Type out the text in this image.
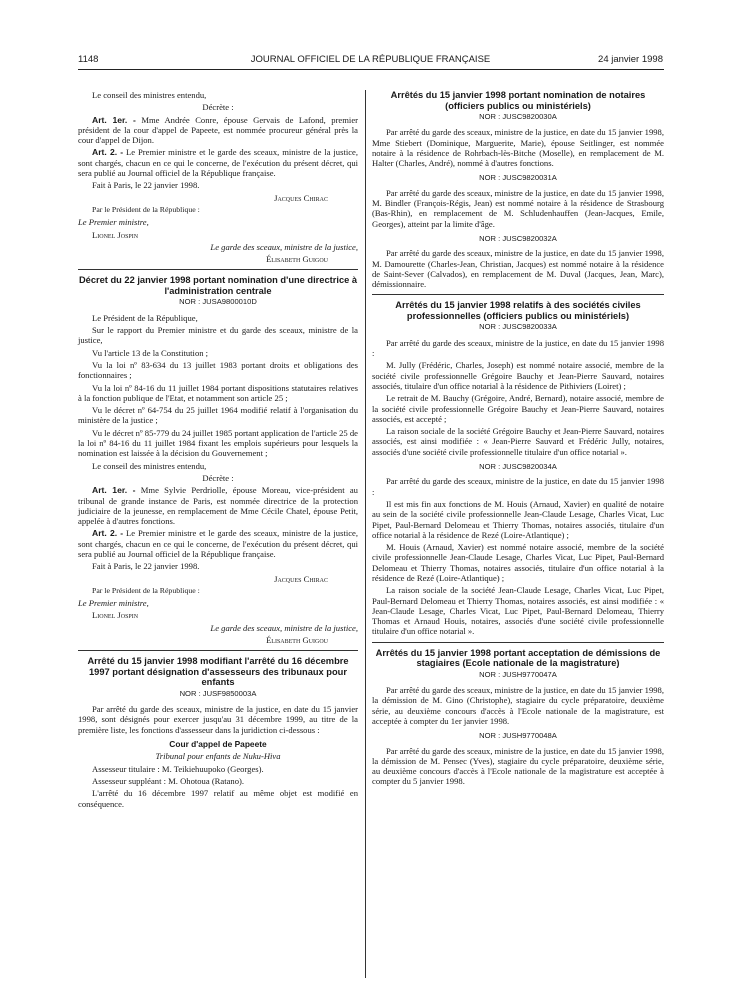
1148	JOURNAL OFFICIEL DE LA RÉPUBLIQUE FRANÇAISE	24 janvier 1998

Le conseil des ministres entendu,

Décrète :

Art. 1er. - Mme Andrée Conre, épouse Gervais de Lafond, premier président de la cour d'appel de Papeete, est nommée procureur général près la cour d'appel de Dijon.

Art. 2. - Le Premier ministre et le garde des sceaux, ministre de la justice, sont chargés, chacun en ce qui le concerne, de l'exécution du présent décret, qui sera publié au Journal officiel de la République française.

Fait à Paris, le 22 janvier 1998.

Jacques Chirac

Par le Président de la République :

Le Premier ministre,

Lionel Jospin

Le garde des sceaux, ministre de la justice,

Élisabeth Guigou

Décret du 22 janvier 1998 portant nomination d'une directrice à l'administration centrale
NOR : JUSA9800010D

Le Président de la République,

Sur le rapport du Premier ministre et du garde des sceaux, ministre de la justice,

Vu l'article 13 de la Constitution ;

Vu la loi nº 83-634 du 13 juillet 1983 portant droits et obligations des fonctionnaires ;

Vu la loi nº 84-16 du 11 juillet 1984 portant dispositions statutaires relatives à la fonction publique de l'Etat, et notamment son article 25 ;

Vu le décret nº 64-754 du 25 juillet 1964 modifié relatif à l'organisation du ministère de la justice ;

Vu le décret nº 85-779 du 24 juillet 1985 portant application de l'article 25 de la loi nº 84-16 du 11 juillet 1984 fixant les emplois supérieurs pour lesquels la nomination est laissée à la décision du Gouvernement ;

Le conseil des ministres entendu,

Décrète :

Art. 1er. - Mme Sylvie Perdriolle, épouse Moreau, vice-président au tribunal de grande instance de Paris, est nommée directrice de la protection judiciaire de la jeunesse, en remplacement de Mme Cécile Chatel, épouse Petit, appelée à d'autres fonctions.

Art. 2. - Le Premier ministre et le garde des sceaux, ministre de la justice, sont chargés, chacun en ce qui le concerne, de l'exécution du présent décret, qui sera publié au Journal officiel de la République française.

Fait à Paris, le 22 janvier 1998.

Jacques Chirac

Par le Président de la République :

Le Premier ministre,

Lionel Jospin

Le garde des sceaux, ministre de la justice,

Élisabeth Guigou

Arrêté du 15 janvier 1998 modifiant l'arrêté du 16 décembre 1997 portant désignation d'assesseurs des tribunaux pour enfants
NOR : JUSF9850003A

Par arrêté du garde des sceaux, ministre de la justice, en date du 15 janvier 1998, sont désignés pour exercer jusqu'au 31 décembre 1999, au titre de la première liste, les fonctions d'assesseur dans la juridiction ci-dessous :

Cour d'appel de Papeete

Tribunal pour enfants de Nuku-Hiva

Assesseur titulaire : M. Teikiehuupoko (Georges).

Assesseur suppléant : M. Ohotoua (Ratano).

L'arrêté du 16 décembre 1997 relatif au même objet est modifié en conséquence.

Arrêtés du 15 janvier 1998 portant nomination de notaires (officiers publics ou ministériels)
NOR : JUSC9820030A

Par arrêté du garde des sceaux, ministre de la justice, en date du 15 janvier 1998, Mme Stiebert (Dominique, Marguerite, Marie), épouse Seitlinger, est nommée notaire à la résidence de Rohrbach-lès-Bitche (Moselle), en remplacement de M. Halter (Charles, André), nommé à d'autres fonctions.

NOR : JUSC9820031A

Par arrêté du garde des sceaux, ministre de la justice, en date du 15 janvier 1998, M. Bindler (François-Régis, Jean) est nommé notaire à la résidence de Strasbourg (Bas-Rhin), en remplacement de M. Schludenhauffen (Jean-Jacques, Emile, Georges), atteint par la limite d'âge.

NOR : JUSC9820032A

Par arrêté du garde des sceaux, ministre de la justice, en date du 15 janvier 1998, M. Damourette (Charles-Jean, Christian, Jacques) est nommé notaire à la résidence de Saint-Sever (Calvados), en remplacement de M. Duval (Jacques, Jean, Marc), démissionnaire.

Arrêtés du 15 janvier 1998 relatifs à des sociétés civiles professionnelles (officiers publics ou ministériels)
NOR : JUSC9820033A

Par arrêté du garde des sceaux, ministre de la justice, en date du 15 janvier 1998 :

M. Jully (Frédéric, Charles, Joseph) est nommé notaire associé, membre de la société civile professionnelle Grégoire Bauchy et Jean-Pierre Sauvard, notaires associés, titulaire d'un office notarial à la résidence de Pithiviers (Loiret) ;

Le retrait de M. Bauchy (Grégoire, André, Bernard), notaire associé, membre de la société civile professionnelle Grégoire Bauchy et Jean-Pierre Sauvard, notaires associés, est accepté ;

La raison sociale de la société Grégoire Bauchy et Jean-Pierre Sauvard, notaires associés, est ainsi modifiée : « Jean-Pierre Sauvard et Frédéric Jully, notaires, associés d'une société civile professionnelle titulaire d'un office notarial ».

NOR : JUSC9820034A

Par arrêté du garde des sceaux, ministre de la justice, en date du 15 janvier 1998 :

Il est mis fin aux fonctions de M. Houis (Arnaud, Xavier) en qualité de notaire au sein de la société civile professionnelle Jean-Claude Lesage, Charles Vicat, Luc Pipet, Paul-Bernard Delomeau et Thierry Thomas, notaires associés, titulaire d'un office notarial à la résidence de Rezé (Loire-Atlantique) ;

M. Houis (Arnaud, Xavier) est nommé notaire associé, membre de la société civile professionnelle Jean-Claude Lesage, Charles Vicat, Luc Pipet, Paul-Bernard Delomeau et Thierry Thomas, notaires associés, titulaire d'un office notarial à la résidence de Rezé (Loire-Atlantique) ;

La raison sociale de la société Jean-Claude Lesage, Charles Vicat, Luc Pipet, Paul-Bernard Delomeau et Thierry Thomas, notaires associés, est ainsi modifiée : « Jean-Claude Lesage, Charles Vicat, Luc Pipet, Paul-Bernard Delomeau, Thierry Thomas et Arnaud Houis, notaires, associés d'une société civile professionnelle titulaire d'un office notarial ».

Arrêtés du 15 janvier 1998 portant acceptation de démissions de stagiaires (Ecole nationale de la magistrature)
NOR : JUSH9770047A

Par arrêté du garde des sceaux, ministre de la justice, en date du 15 janvier 1998, la démission de M. Gino (Christophe), stagiaire du cycle préparatoire, deuxième série, au deuxième concours d'accès à l'Ecole nationale de la magistrature, est acceptée à compter du 1er janvier 1998.

NOR : JUSH9770048A

Par arrêté du garde des sceaux, ministre de la justice, en date du 15 janvier 1998, la démission de M. Pensec (Yves), stagiaire du cycle préparatoire, deuxième série, au deuxième concours d'accès à l'Ecole nationale de la magistrature est acceptée à compter du 5 janvier 1998.
